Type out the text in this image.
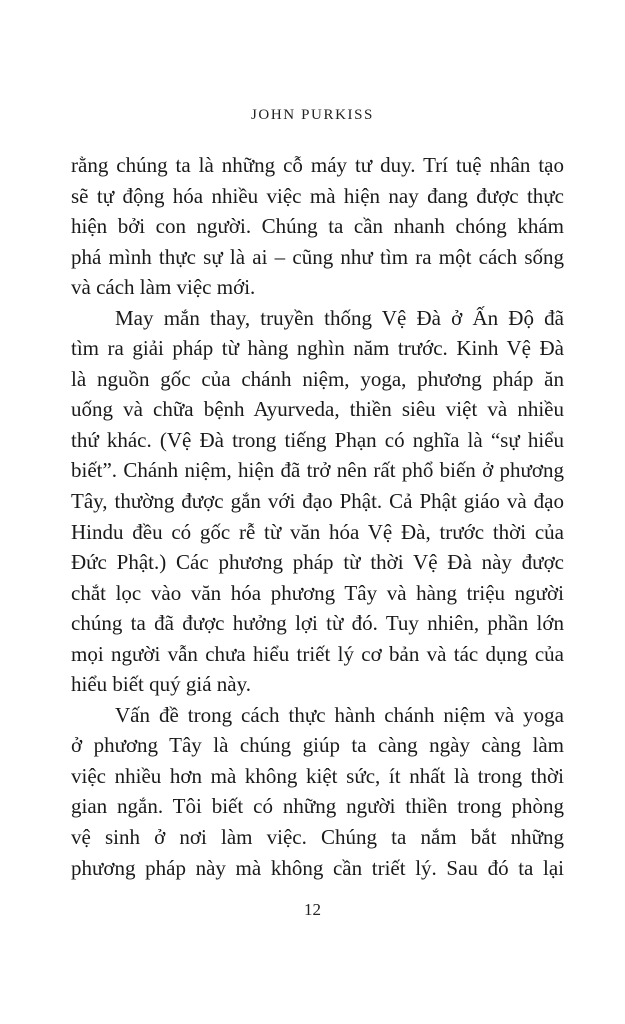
JOHN PURKISS
rằng chúng ta là những cỗ máy tư duy. Trí tuệ nhân tạo
sẽ tự động hóa nhiều việc mà hiện nay đang được thực
hiện bởi con người. Chúng ta cần nhanh chóng khám
phá mình thực sự là ai – cũng như tìm ra một cách sống
và cách làm việc mới.
May mắn thay, truyền thống Vệ Đà ở Ấn Độ đã
tìm ra giải pháp từ hàng nghìn năm trước. Kinh Vệ Đà
là nguồn gốc của chánh niệm, yoga, phương pháp ăn
uống và chữa bệnh Ayurveda, thiền siêu việt và nhiều
thứ khác. (Vệ Đà trong tiếng Phạn có nghĩa là “sự hiểu
biết”. Chánh niệm, hiện đã trở nên rất phổ biến ở phương
Tây, thường được gắn với đạo Phật. Cả Phật giáo và đạo
Hindu đều có gốc rễ từ văn hóa Vệ Đà, trước thời của
Đức Phật.) Các phương pháp từ thời Vệ Đà này được
chắt lọc vào văn hóa phương Tây và hàng triệu người
chúng ta đã được hưởng lợi từ đó. Tuy nhiên, phần lớn
mọi người vẫn chưa hiểu triết lý cơ bản và tác dụng của
hiểu biết quý giá này.
Vấn đề trong cách thực hành chánh niệm và yoga
ở phương Tây là chúng giúp ta càng ngày càng làm
việc nhiều hơn mà không kiệt sức, ít nhất là trong thời
gian ngắn. Tôi biết có những người thiền trong phòng
vệ sinh ở nơi làm việc. Chúng ta nắm bắt những
phương pháp này mà không cần triết lý. Sau đó ta lại
12
